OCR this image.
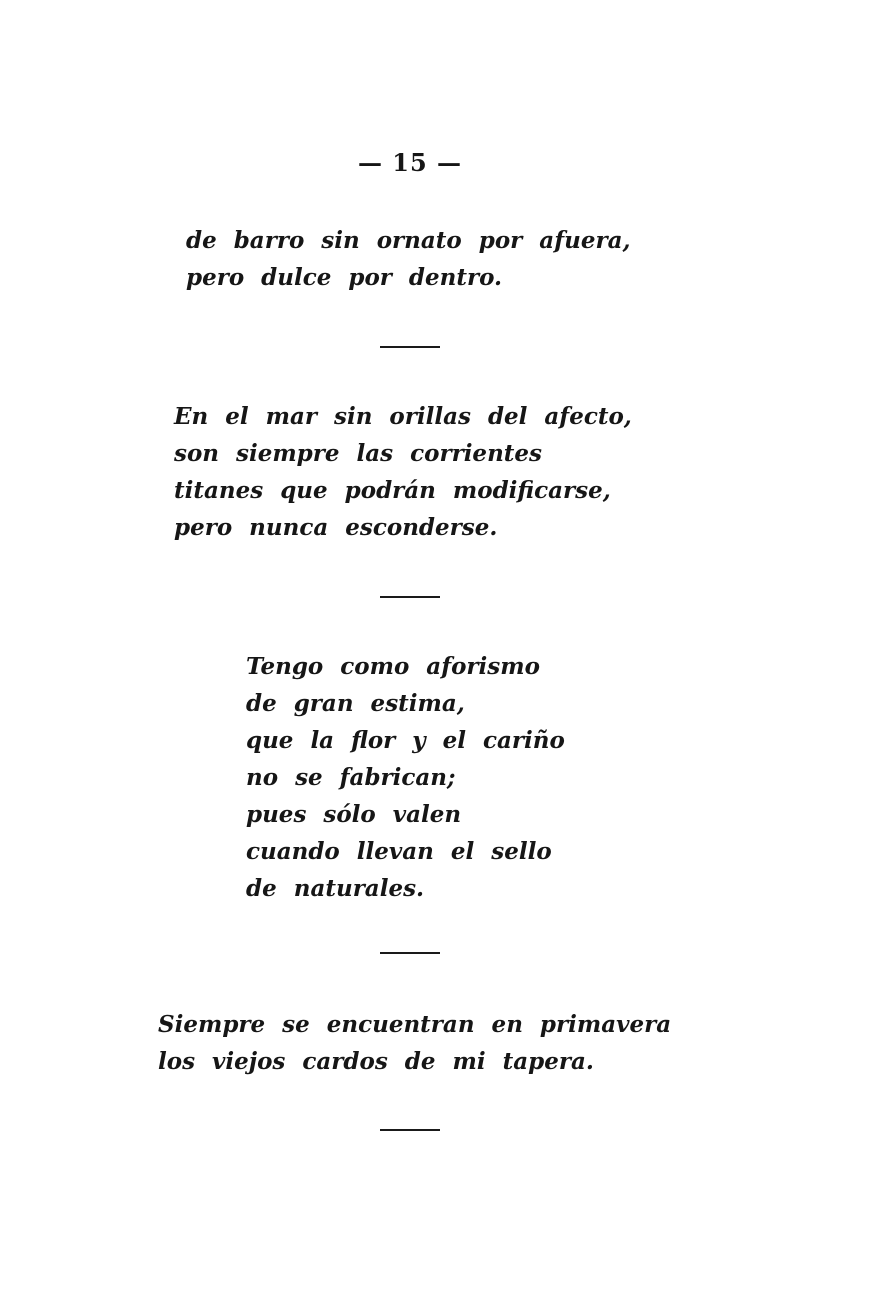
— 15 —
de barro sin ornato por afuera,
pero dulce por dentro.
En el mar sin orillas del afecto,
son siempre las corrientes
titanes que podrán modificarse,
pero nunca esconderse.
Tengo como aforismo
de gran estima,
que la flor y el cariño
no se fabrican;
pues sólo valen
cuando llevan el sello
de naturales.
Siempre se encuentran en primavera
los viejos cardos de mi tapera.
